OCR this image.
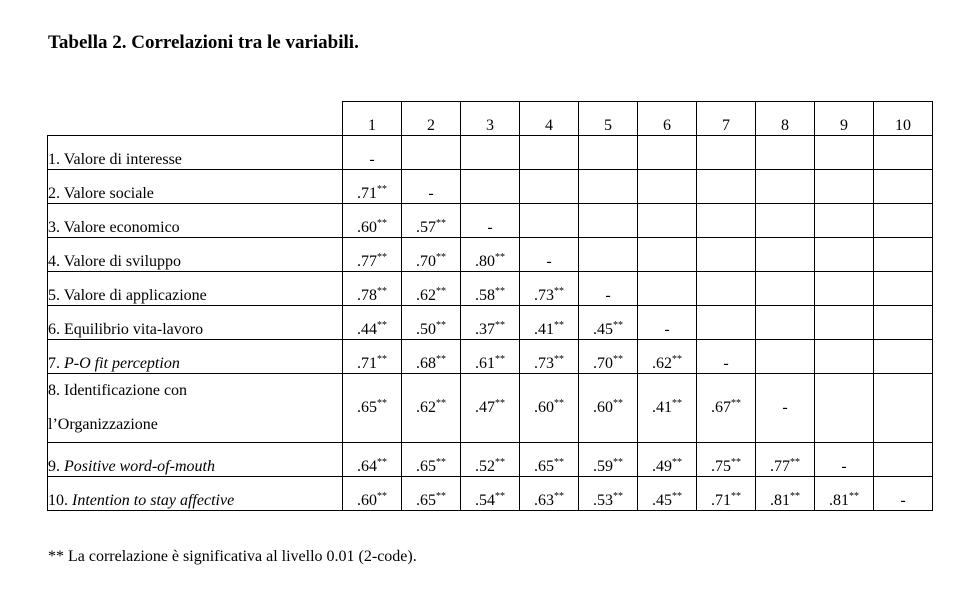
Tabella 2. Correlazioni tra le variabili.
	1	2	3	4	5	6	7	8	9	10
1. Valore di interesse	-									
2. Valore sociale	.71**	-								
3. Valore economico	.60**	.57**	-							
4. Valore di sviluppo	.77**	.70**	.80**	-						
5. Valore di applicazione	.78**	.62**	.58**	.73**	-					
6. Equilibrio vita-lavoro	.44**	.50**	.37**	.41**	.45**	-				
7. P-O fit perception	.71**	.68**	.61**	.73**	.70**	.62**	-			
8. Identificazione con
l’Organizzazione	.65**	.62**	.47**	.60**	.60**	.41**	.67**	-		
9. Positive word-of-mouth	.64**	.65**	.52**	.65**	.59**	.49**	.75**	.77**	-	
10. Intention to stay affective	.60**	.65**	.54**	.63**	.53**	.45**	.71**	.81**	.81**	-
** La correlazione è significativa al livello 0.01 (2-code).
